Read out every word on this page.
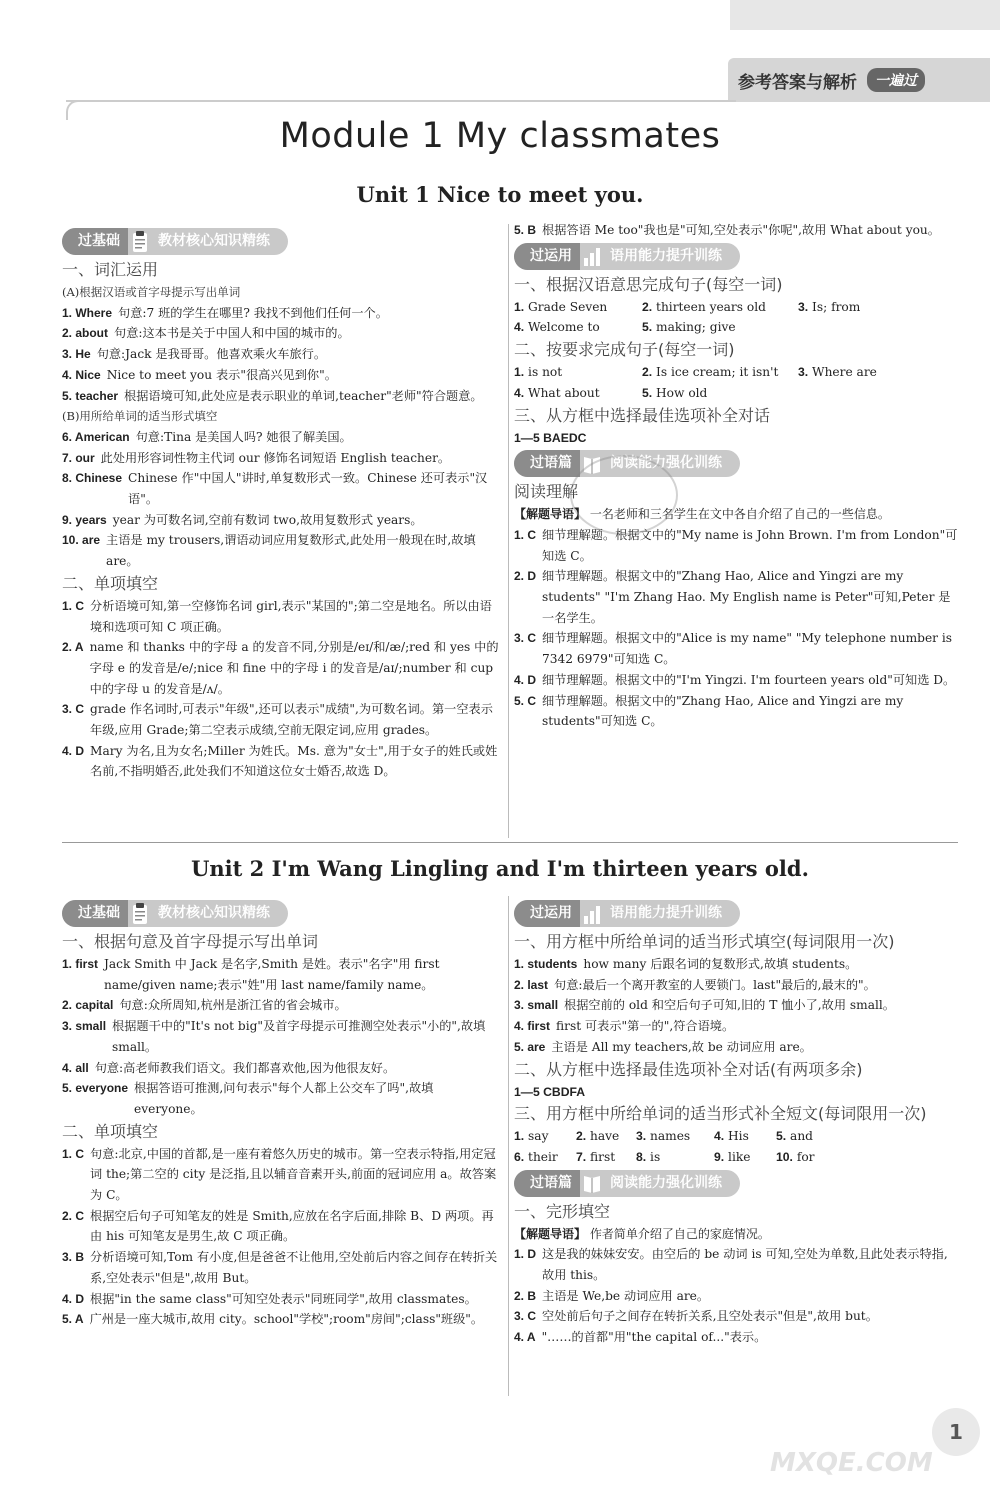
参考答案与解析	一遍过
Module 1 My classmates
Unit 1 Nice to meet you.
过基础	教材核心知识精练
一、词汇运用
(A)根据汉语或首字母提示写出单词
1. Where 句意:7 班的学生在哪里? 我找不到他们任何一个。
2. about 句意:这本书是关于中国人和中国的城市的。
3. He 句意:Jack 是我哥哥。他喜欢乘火车旅行。
4. Nice Nice to meet you 表示"很高兴见到你"。
5. teacher 根据语境可知,此处应是表示职业的单词,teacher"老师"符合题意。
(B)用所给单词的适当形式填空
6. American 句意:Tina 是美国人吗? 她很了解美国。
7. our 此处用形容词性物主代词 our 修饰名词短语 English teacher。
8. Chinese Chinese 作"中国人"讲时,单复数形式一致。Chinese 还可表示"汉语"。
9. years year 为可数名词,空前有数词 two,故用复数形式 years。
10. are 主语是 my trousers,谓语动词应用复数形式,此处用一般现在时,故填 are。
二、单项填空
1. C 分析语境可知,第一空修饰名词 girl,表示"某国的";第二空是地名。所以由语境和选项可知 C 项正确。
2. A name 和 thanks 中的字母 a 的发音不同,分别是/eɪ/和/æ/;red 和 yes 中的字母 e 的发音是/e/;nice 和 fine 中的字母 i 的发音是/aɪ/;number 和 cup 中的字母 u 的发音是/ʌ/。
3. C grade 作名词时,可表示"年级",还可以表示"成绩",为可数名词。第一空表示年级,应用 Grade;第二空表示成绩,空前无限定词,应用 grades。
4. D Mary 为名,且为女名;Miller 为姓氏。Ms. 意为"女士",用于女子的姓氏或姓名前,不指明婚否,此处我们不知道这位女士婚否,故选 D。
5. B 根据答语 Me too"我也是"可知,空处表示"你呢",故用 What about you。
过运用	语用能力提升训练
一、根据汉语意思完成句子(每空一词)
1. Grade Seven	2. thirteen years old	3. Is; from
4. Welcome to	5. making; give
二、按要求完成句子(每空一词)
1. is not	2. Is ice cream; it isn't	3. Where are
4. What about	5. How old
三、从方框中选择最佳选项补全对话
1—5 BAEDC
过语篇	阅读能力强化训练
阅读理解
【解题导语】 一名老师和三名学生在文中各自介绍了自己的一些信息。
1. C 细节理解题。根据文中的"My name is John Brown. I'm from London"可知选 C。
2. D 细节理解题。根据文中的"Zhang Hao, Alice and Yingzi are my students" "I'm Zhang Hao. My English name is Peter"可知,Peter 是一名学生。
3. C 细节理解题。根据文中的"Alice is my name" "My telephone number is 7342 6979"可知选 C。
4. D 细节理解题。根据文中的"I'm Yingzi. I'm fourteen years old"可知选 D。
5. C 细节理解题。根据文中的"Zhang Hao, Alice and Yingzi are my students"可知选 C。
Unit 2 I'm Wang Lingling and I'm thirteen years old.
过基础	教材核心知识精练
一、根据句意及首字母提示写出单词
1. first Jack Smith 中 Jack 是名字,Smith 是姓。表示"名字"用 first name/given name;表示"姓"用 last name/family name。
2. capital 句意:众所周知,杭州是浙江省的省会城市。
3. small 根据题干中的"It's not big"及首字母提示可推测空处表示"小的",故填 small。
4. all 句意:高老师教我们语文。我们都喜欢他,因为他很友好。
5. everyone 根据答语可推测,问句表示"每个人都上公交车了吗",故填 everyone。
二、单项填空
1. C 句意:北京,中国的首都,是一座有着悠久历史的城市。第一空表示特指,用定冠词 the;第二空的 city 是泛指,且以辅音音素开头,前面的冠词应用 a。故答案为 C。
2. C 根据空后句子可知笔友的姓是 Smith,应放在名字后面,排除 B、D 两项。再由 his 可知笔友是男生,故 C 项正确。
3. B 分析语境可知,Tom 有小度,但是爸爸不让他用,空处前后内容之间存在转折关系,空处表示"但是",故用 But。
4. D 根据"in the same class"可知空处表示"同班同学",故用 classmates。
5. A 广州是一座大城市,故用 city。school"学校";room"房间";class"班级"。
过运用	语用能力提升训练
一、用方框中所给单词的适当形式填空(每词限用一次)
1. students how many 后跟名词的复数形式,故填 students。
2. last 句意:最后一个离开教室的人要锁门。last"最后的,最末的"。
3. small 根据空前的 old 和空后句子可知,旧的 T 恤小了,故用 small。
4. first first 可表示"第一的",符合语境。
5. are 主语是 All my teachers,故 be 动词应用 are。
二、从方框中选择最佳选项补全对话(有两项多余)
1—5 CBDFA
三、用方框中所给单词的适当形式补全短文(每词限用一次)
1. say	2. have	3. names	4. His	5. and
6. their	7. first	8. is	9. like	10. for
过语篇	阅读能力强化训练
一、完形填空
【解题导语】 作者简单介绍了自己的家庭情况。
1. D 这是我的妹妹安安。由空后的 be 动词 is 可知,空处为单数,且此处表示特指,故用 this。
2. B 主语是 We,be 动词应用 are。
3. C 空处前后句子之间存在转折关系,且空处表示"但是",故用 but。
4. A "……的首都"用"the capital of..."表示。
1
MXQE.COM
